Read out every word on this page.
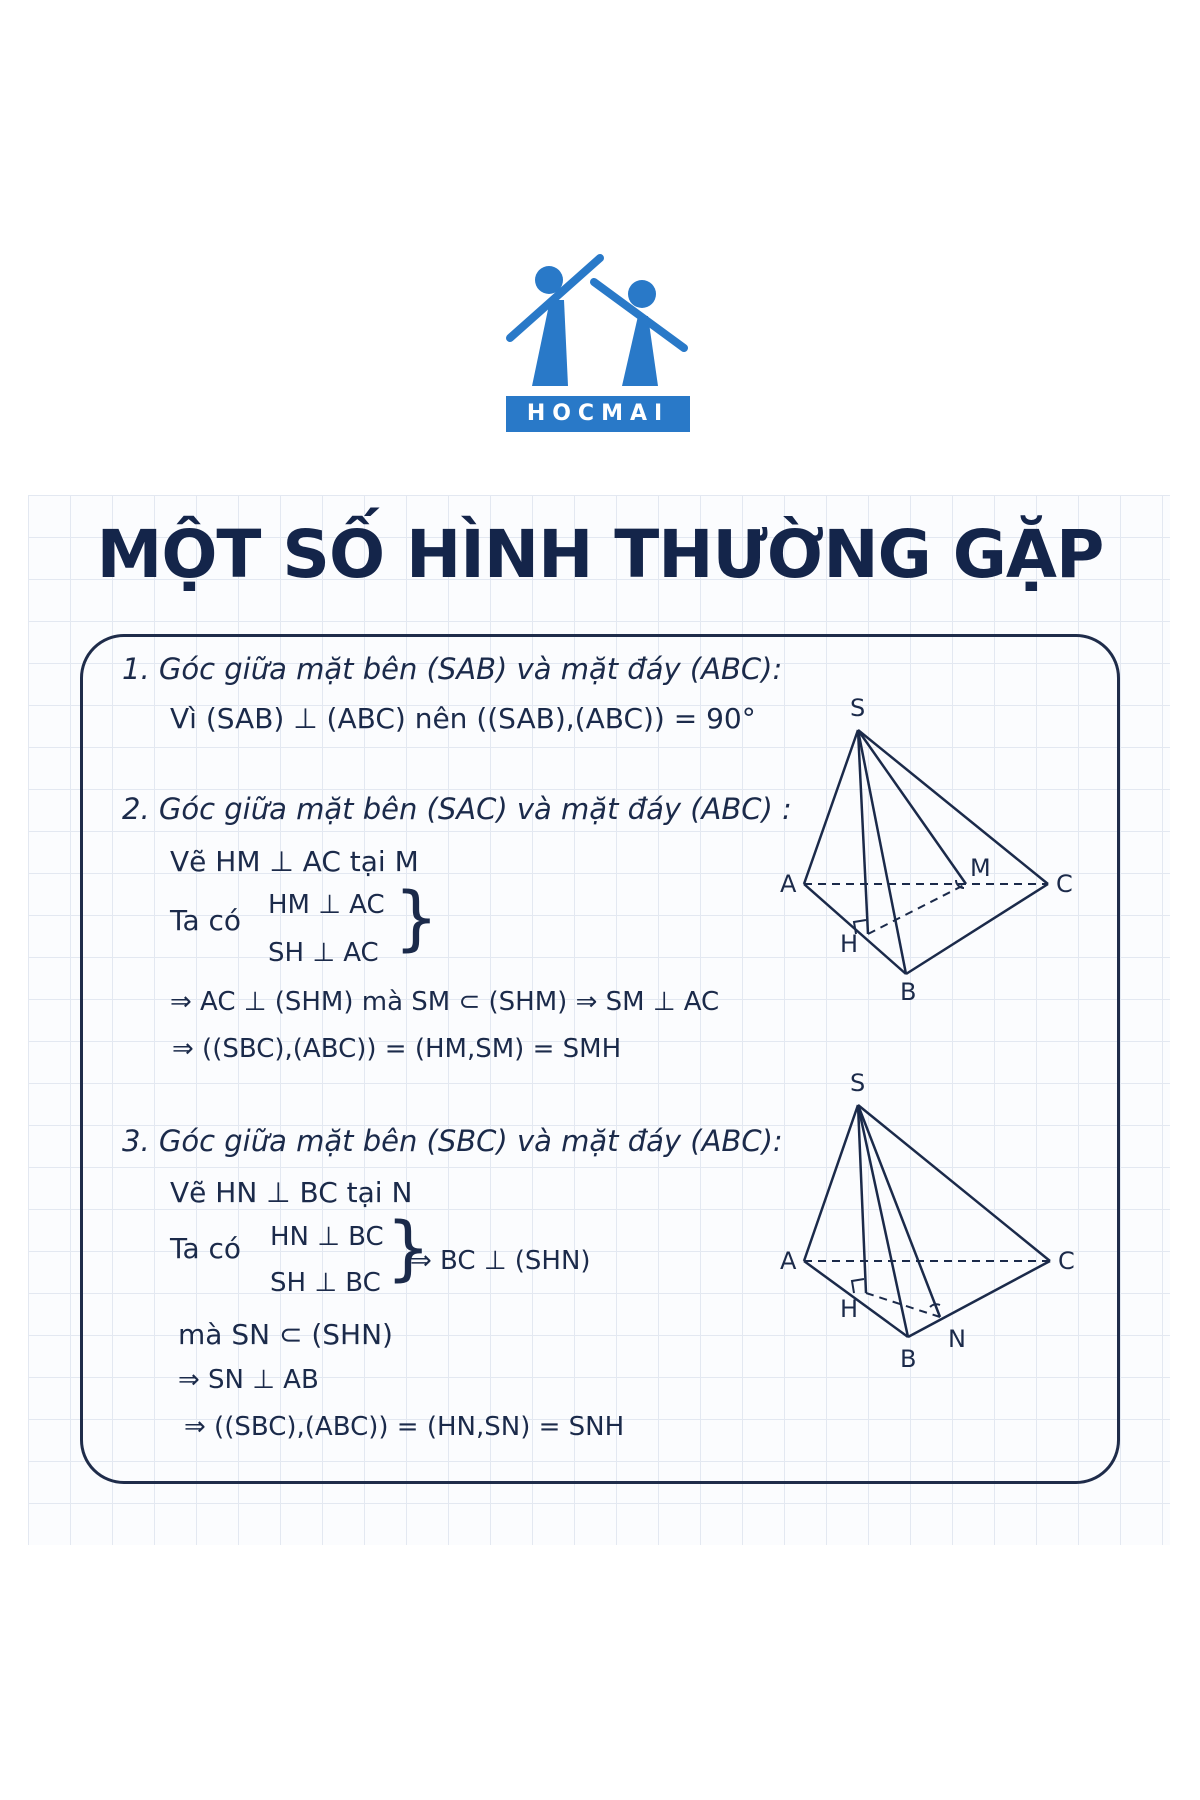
HOCMAI
MỘT SỐ HÌNH THƯỜNG GẶP
1. Góc giữa mặt bên (SAB) và mặt đáy (ABC):
Vì (SAB) ⊥ (ABC) nên ((SAB),(ABC)) = 90°
2. Góc giữa mặt bên (SAC) và mặt đáy (ABC) :
Vẽ HM ⊥ AC tại M
Ta có HM ⊥ AC
SH ⊥ AC }
⇒ AC ⊥ (SHM) mà SM ⊂ (SHM) ⇒ SM ⊥ AC
⇒ ((SBC),(ABC)) = (HM,SM) = SMH
3. Góc giữa mặt bên (SBC) và mặt đáy (ABC):
Vẽ HN ⊥ BC tại N
Ta có HN ⊥ BC
SH ⊥ BC }
⇒ BC ⊥ (SHN)
mà SN ⊂ (SHN)
⇒ SN ⊥ AB
⇒ ((SBC),(ABC)) = (HN,SN) = SNH
S
A	C
M
H
B
S
A	C
H
N
B
